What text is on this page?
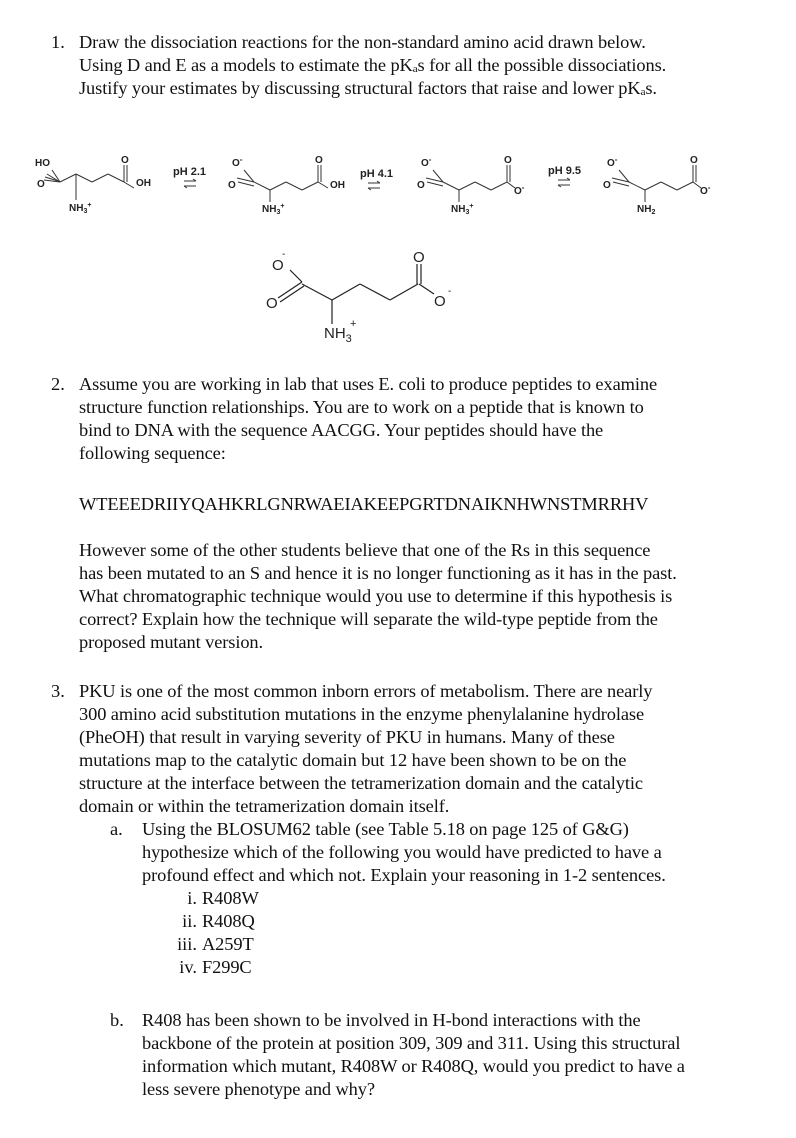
1. Draw the dissociation reactions for the non-standard amino acid drawn below.
Using D and E as a models to estimate the $pK_as$ for all the possible dissociations.
Justify your estimates by discussing structural factors that raise and lower $pK_as$.
HO
O
O
OH
$NH_3^+$
O-
O
O
OH
$NH_3^+$
O-
O
O
O-
$NH_3^+$
O-
O
O
O-
$NH_2$
pH 2.1	pH 4.1	pH 9.5
O
-
O
O
O
-
$NH_3$
+
2. Assume you are working in lab that uses E. coli to produce peptides to examine
structure function relationships. You are to work on a peptide that is known to
bind to DNA with the sequence AACGG. Your peptides should have the
following sequence:
WTEEEDRIIYQAHKRLGNRWAEIAKEEPGRTDNAIKNHWNSTMRRHV
However some of the other students believe that one of the Rs in this sequence
has been mutated to an S and hence it is no longer functioning as it has in the past.
What chromatographic technique would you use to determine if this hypothesis is
correct? Explain how the technique will separate the wild-type peptide from the
proposed mutant version.
3. PKU is one of the most common inborn errors of metabolism. There are nearly
300 amino acid substitution mutations in the enzyme phenylalanine hydrolase
(PheOH) that result in varying severity of PKU in humans. Many of these
mutations map to the catalytic domain but 12 have been shown to be on the
structure at the interface between the tetramerization domain and the catalytic
domain or within the tetramerization domain itself.
a. Using the BLOSUM62 table (see Table 5.18 on page 125 of G&G)
hypothesize which of the following you would have predicted to have a
profound effect and which not. Explain your reasoning in 1-2 sentences.
i. R408W
ii. R408Q
iii. A259T
iv. F299C
b. R408 has been shown to be involved in H-bond interactions with the
backbone of the protein at position 309, 309 and 311. Using this structural
information which mutant, R408W or R408Q, would you predict to have a
less severe phenotype and why?
